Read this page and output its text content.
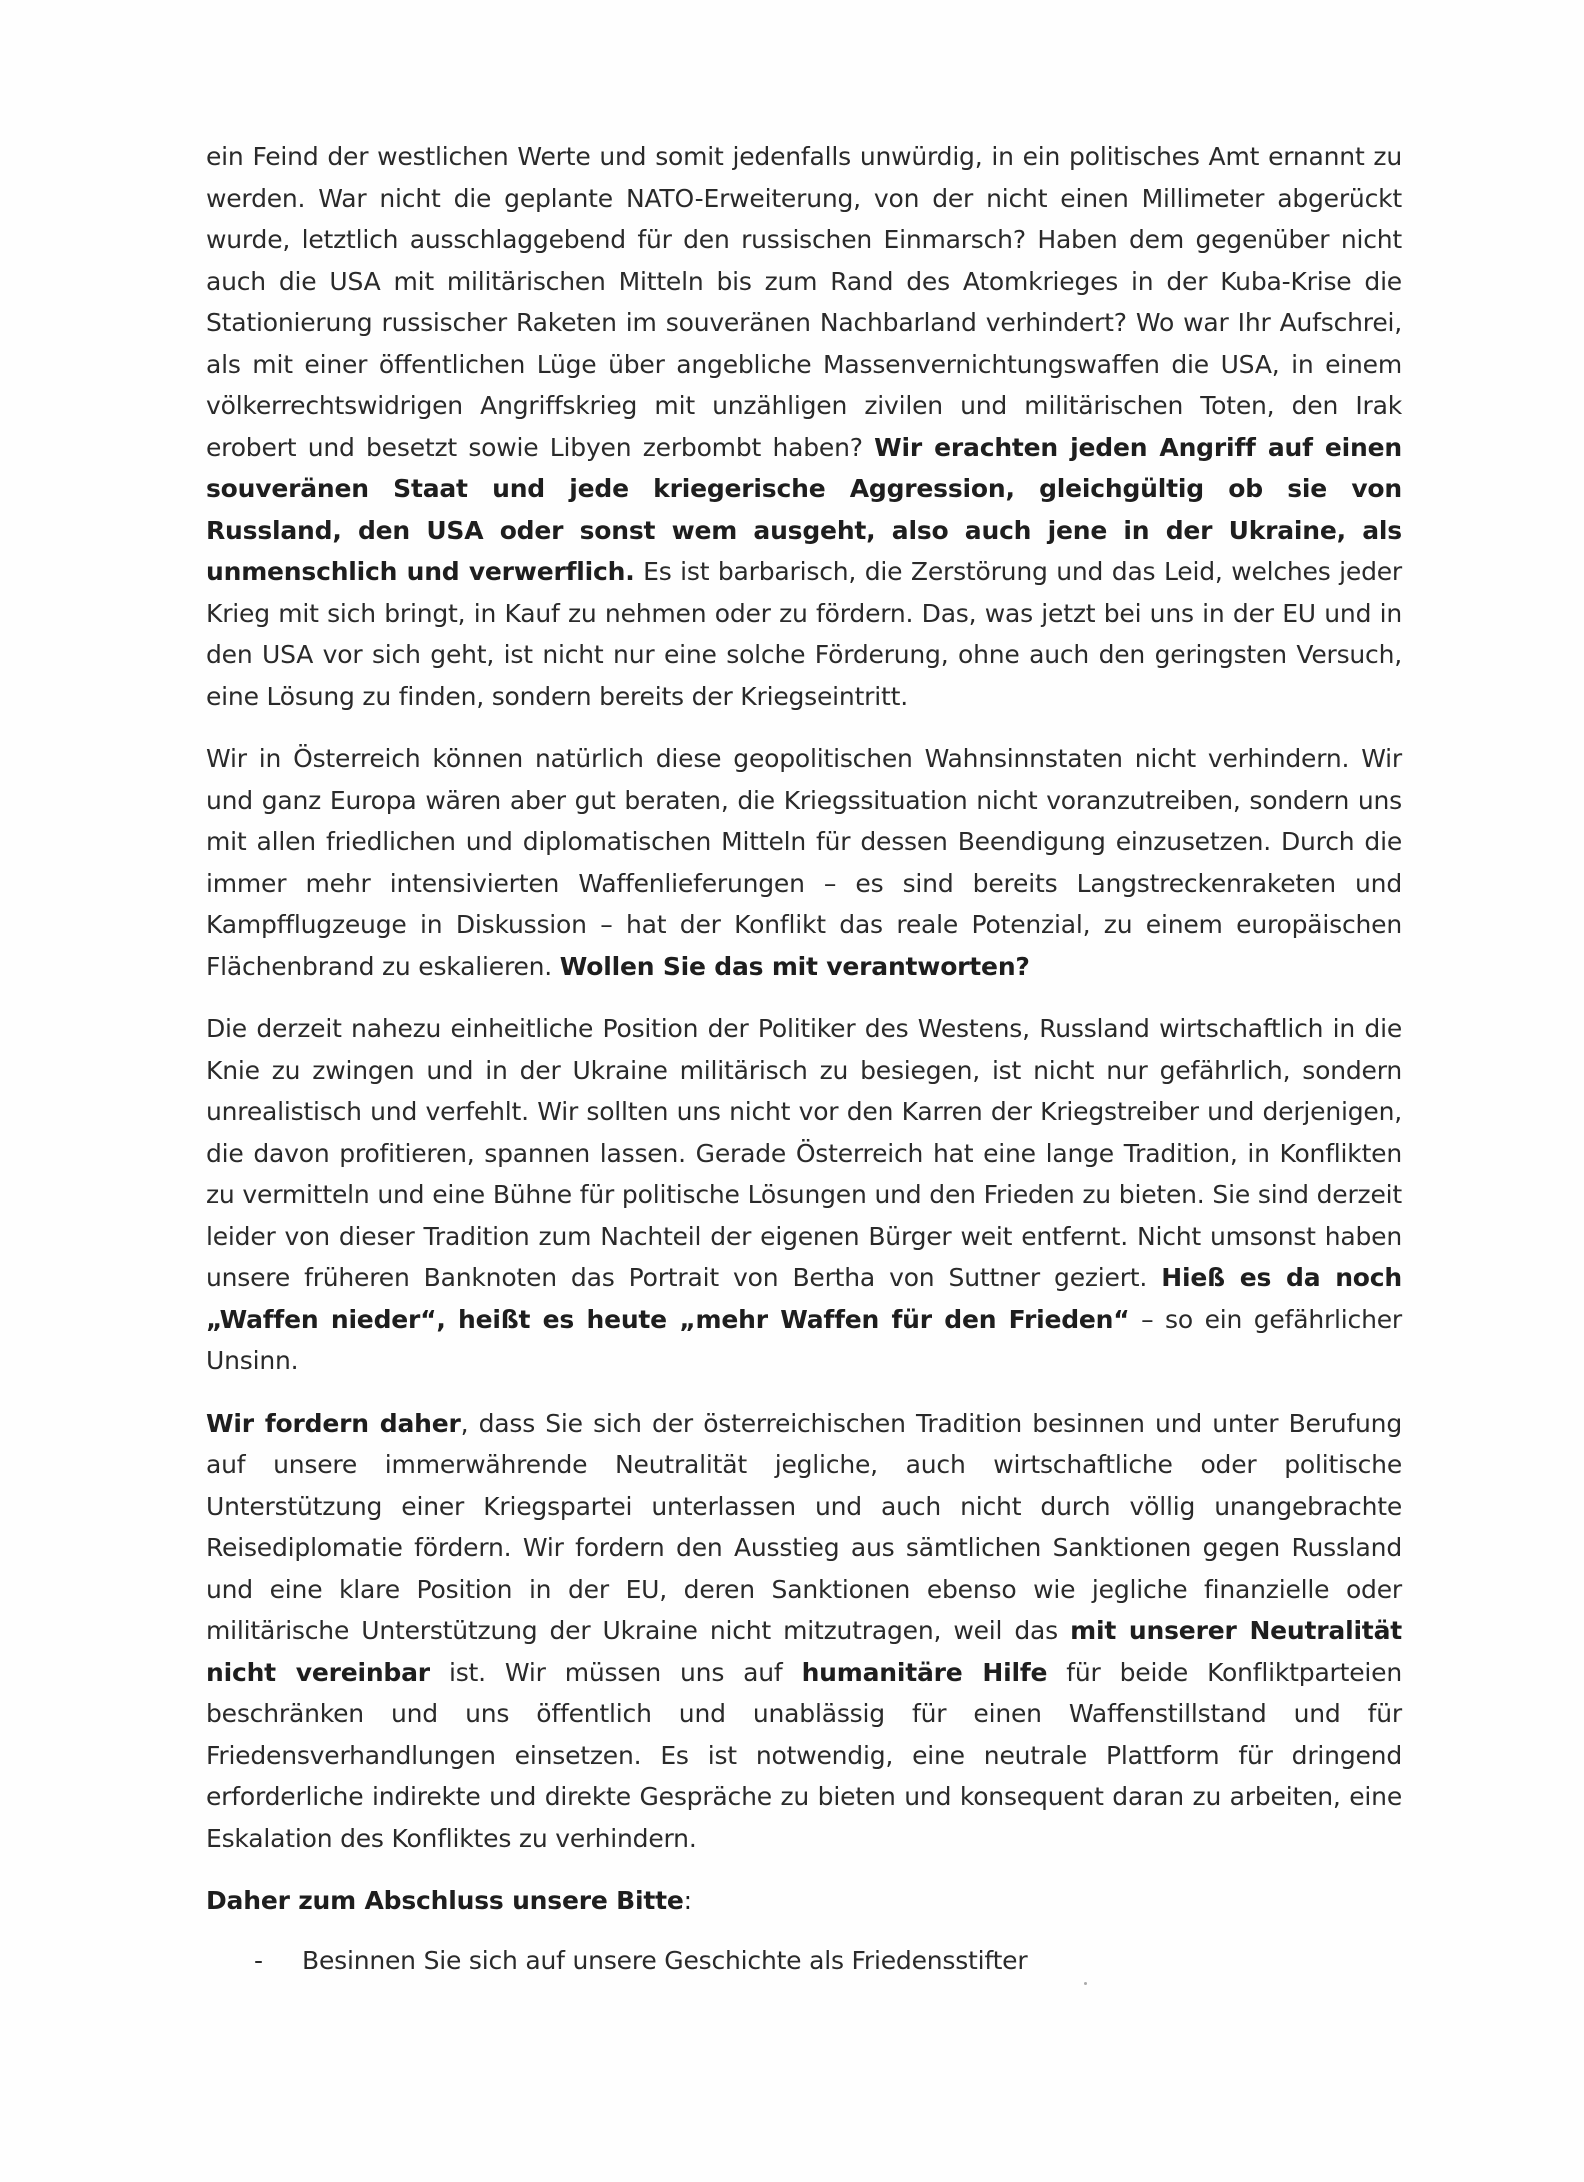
ein Feind der westlichen Werte und somit jedenfalls unwürdig, in ein politisches Amt ernannt zu werden. War nicht die geplante NATO-Erweiterung, von der nicht einen Millimeter abgerückt wurde, letztlich ausschlaggebend für den russischen Einmarsch? Haben dem gegenüber nicht auch die USA mit militärischen Mitteln bis zum Rand des Atomkrieges in der Kuba-Krise die Stationierung russischer Raketen im souveränen Nachbarland verhindert? Wo war Ihr Aufschrei, als mit einer öffentlichen Lüge über angebliche Massenvernichtungswaffen die USA, in einem völkerrechtswidrigen Angriffskrieg mit unzähligen zivilen und militärischen Toten, den Irak erobert und besetzt sowie Libyen zerbombt haben? Wir erachten jeden Angriff auf einen souveränen Staat und jede kriegerische Aggression, gleichgültig ob sie von Russland, den USA oder sonst wem ausgeht, also auch jene in der Ukraine, als unmenschlich und verwerflich. Es ist barbarisch, die Zerstörung und das Leid, welches jeder Krieg mit sich bringt, in Kauf zu nehmen oder zu fördern. Das, was jetzt bei uns in der EU und in den USA vor sich geht, ist nicht nur eine solche Förderung, ohne auch den geringsten Versuch, eine Lösung zu finden, sondern bereits der Kriegseintritt.

Wir in Österreich können natürlich diese geopolitischen Wahnsinnstaten nicht verhindern. Wir und ganz Europa wären aber gut beraten, die Kriegssituation nicht voranzutreiben, sondern uns mit allen friedlichen und diplomatischen Mitteln für dessen Beendigung einzusetzen. Durch die immer mehr intensivierten Waffenlieferungen – es sind bereits Langstreckenraketen und Kampfflugzeuge in Diskussion – hat der Konflikt das reale Potenzial, zu einem europäischen Flächenbrand zu eskalieren. Wollen Sie das mit verantworten?

Die derzeit nahezu einheitliche Position der Politiker des Westens, Russland wirtschaftlich in die Knie zu zwingen und in der Ukraine militärisch zu besiegen, ist nicht nur gefährlich, sondern unrealistisch und verfehlt. Wir sollten uns nicht vor den Karren der Kriegstreiber und derjenigen, die davon profitieren, spannen lassen. Gerade Österreich hat eine lange Tradition, in Konflikten zu vermitteln und eine Bühne für politische Lösungen und den Frieden zu bieten. Sie sind derzeit leider von dieser Tradition zum Nachteil der eigenen Bürger weit entfernt. Nicht umsonst haben unsere früheren Banknoten das Portrait von Bertha von Suttner geziert. Hieß es da noch „Waffen nieder“, heißt es heute „mehr Waffen für den Frieden“ – so ein gefährlicher Unsinn.

Wir fordern daher, dass Sie sich der österreichischen Tradition besinnen und unter Berufung auf unsere immerwährende Neutralität jegliche, auch wirtschaftliche oder politische Unterstützung einer Kriegspartei unterlassen und auch nicht durch völlig unangebrachte Reisediplomatie fördern. Wir fordern den Ausstieg aus sämtlichen Sanktionen gegen Russland und eine klare Position in der EU, deren Sanktionen ebenso wie jegliche finanzielle oder militärische Unterstützung der Ukraine nicht mitzutragen, weil das mit unserer Neutralität nicht vereinbar ist. Wir müssen uns auf humanitäre Hilfe für beide Konfliktparteien beschränken und uns öffentlich und unablässig für einen Waffenstillstand und für Friedensverhandlungen einsetzen. Es ist notwendig, eine neutrale Plattform für dringend erforderliche indirekte und direkte Gespräche zu bieten und konsequent daran zu arbeiten, eine Eskalation des Konfliktes zu verhindern.

Daher zum Abschluss unsere Bitte:

- Besinnen Sie sich auf unsere Geschichte als Friedensstifter
